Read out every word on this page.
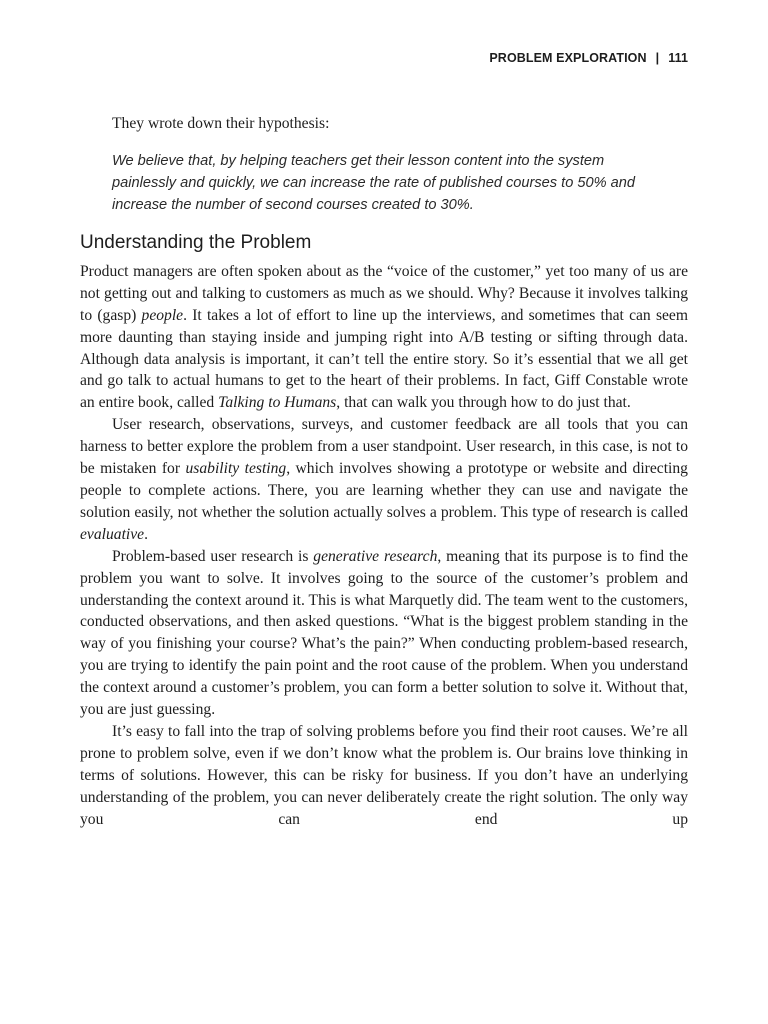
PROBLEM EXPLORATION | 111

They wrote down their hypothesis:

We believe that, by helping teachers get their lesson content into the system painlessly and quickly, we can increase the rate of published courses to 50% and increase the number of second courses created to 30%.

Understanding the Problem

Product managers are often spoken about as the “voice of the customer,” yet too many of us are not getting out and talking to customers as much as we should. Why? Because it involves talking to (gasp) people. It takes a lot of effort to line up the interviews, and sometimes that can seem more daunting than staying inside and jumping right into A/B testing or sifting through data. Although data analysis is important, it can’t tell the entire story. So it’s essential that we all get and go talk to actual humans to get to the heart of their problems. In fact, Giff Constable wrote an entire book, called Talking to Humans, that can walk you through how to do just that.

User research, observations, surveys, and customer feedback are all tools that you can harness to better explore the problem from a user standpoint. User research, in this case, is not to be mistaken for usability testing, which involves showing a prototype or website and directing people to complete actions. There, you are learning whether they can use and navigate the solution easily, not whether the solution actually solves a problem. This type of research is called evaluative.

Problem-based user research is generative research, meaning that its purpose is to find the problem you want to solve. It involves going to the source of the customer’s problem and understanding the context around it. This is what Marquetly did. The team went to the customers, conducted observations, and then asked questions. “What is the biggest problem standing in the way of you finishing your course? What’s the pain?” When conducting problem-based research, you are trying to identify the pain point and the root cause of the problem. When you understand the context around a customer’s problem, you can form a better solution to solve it. Without that, you are just guessing.

It’s easy to fall into the trap of solving problems before you find their root causes. We’re all prone to problem solve, even if we don’t know what the problem is. Our brains love thinking in terms of solutions. However, this can be risky for business. If you don’t have an underlying understanding of the problem, you can never deliberately create the right solution. The only way you can end up
